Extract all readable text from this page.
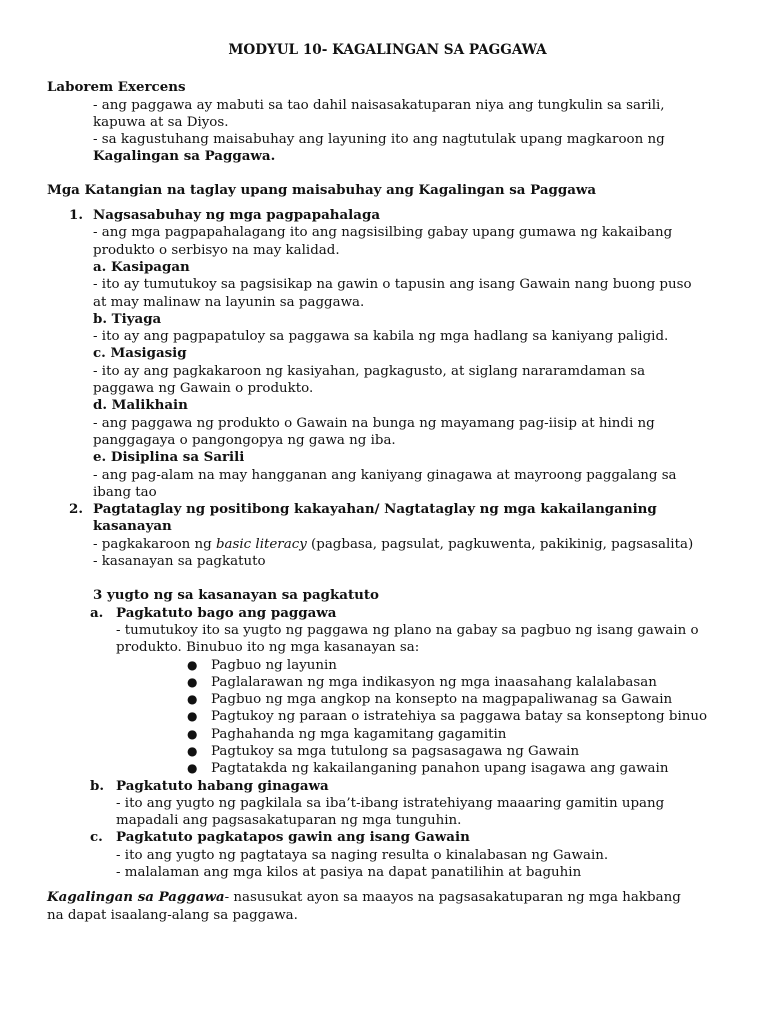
MODYUL 10- KAGALINGAN SA PAGGAWA
Laborem Exercens
- ang paggawa ay mabuti sa tao dahil naisasakatuparan niya ang tungkulin sa sarili,
kapuwa at sa Diyos.
- sa kagustuhang maisabuhay ang layuning ito ang nagtutulak upang magkaroon ng
Kagalingan sa Paggawa.
Mga Katangian na taglay upang maisabuhay ang Kagalingan sa Paggawa
1. Nagsasabuhay ng mga pagpapahalaga
- ang mga pagpapahalagang ito ang nagsisilbing gabay upang gumawa ng kakaibang
produkto o serbisyo na may kalidad.
a. Kasipagan
- ito ay tumutukoy sa pagsisikap na gawin o tapusin ang isang Gawain nang buong puso
at may malinaw na layunin sa paggawa.
b. Tiyaga
- ito ay ang pagpapatuloy sa paggawa sa kabila ng mga hadlang sa kaniyang paligid.
c. Masigasig
- ito ay ang pagkakaroon ng kasiyahan, pagkagusto, at siglang nararamdaman sa
paggawa ng Gawain o produkto.
d. Malikhain
- ang paggawa ng produkto o Gawain na bunga ng mayamang pag-iisip at hindi ng
panggagaya o pangongopya ng gawa ng iba.
e. Disiplina sa Sarili
- ang pag-alam na may hangganan ang kaniyang ginagawa at mayroong paggalang sa
ibang tao
2. Pagtataglay ng positibong kakayahan/ Nagtataglay ng mga kakailanganing
kasanayan
- pagkakaroon ng basic literacy (pagbasa, pagsulat, pagkuwenta, pakikinig, pagsasalita)
- kasanayan sa pagkatuto
3 yugto ng sa kasanayan sa pagkatuto
a. Pagkatuto bago ang paggawa
- tumutukoy ito sa yugto ng paggawa ng plano na gabay sa pagbuo ng isang gawain o
produkto. Binubuo ito ng mga kasanayan sa:
●	Pagbuo ng layunin
●	Paglalarawan ng mga indikasyon ng mga inaasahang kalalabasan
●	Pagbuo ng mga angkop na konsepto na magpapaliwanag sa Gawain
●	Pagtukoy ng paraan o istratehiya sa paggawa batay sa konseptong binuo
●	Paghahanda ng mga kagamitang gagamitin
●	Pagtukoy sa mga tutulong sa pagsasagawa ng Gawain
●	Pagtatakda ng kakailanganing panahon upang isagawa ang gawain
b. Pagkatuto habang ginagawa
- ito ang yugto ng pagkilala sa iba’t-ibang istratehiyang maaaring gamitin upang
mapadali ang pagsasakatuparan ng mga tunguhin.
c. Pagkatuto pagkatapos gawin ang isang Gawain
- ito ang yugto ng pagtataya sa naging resulta o kinalabasan ng Gawain.
- malalaman ang mga kilos at pasiya na dapat panatilihin at baguhin
Kagalingan sa Paggawa- nasusukat ayon sa maayos na pagsasakatuparan ng mga hakbang
na dapat isaalang-alang sa paggawa.
